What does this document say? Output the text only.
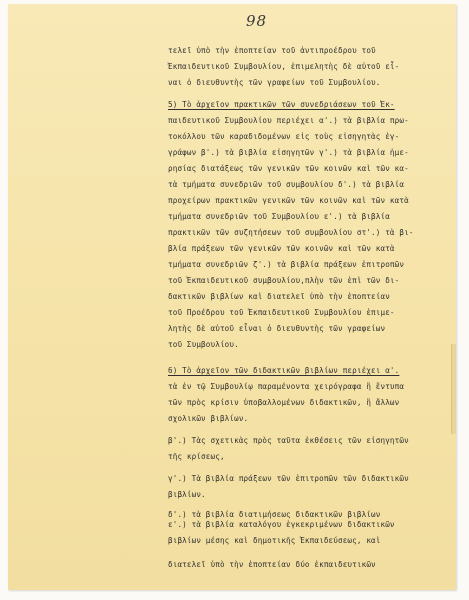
98
τελεῖ ὑπὸ τὴν ἐποπτείαν τοῦ ἀντιπροέδρου τοῦ
Ἐκπαιδευτικοῦ Συμβουλίου, ἐπιμελητὴς δὲ αὐτοῦ εἶ-
ναι ὁ διευθυντὴς τῶν γραφείων τοῦ Συμβουλίου.
5) Τὸ ἀρχεῖον πρακτικῶν τῶν συνεδριάσεων τοῦ Ἐκ-
παιδευτικοῦ Συμβουλίου περιέχει α'.) τὰ βιβλία πρω-
τοκόλλου τῶν καραδιδομένων εἰς τοὺς εἰσηγητὰς ἐγ-
γράφων β'.) τὰ βιβλία εἰσηγητῶν γ'.) τὰ βιβλία ἡμε-
ρησίας διατάξεως τῶν γενικῶν τῶν κοινῶν καὶ τῶν κα-
τὰ τμήματα συνεδριῶν τοῦ συμβουλίου δ'.) τὰ βιβλία
προχείρων πρακτικῶν γενικῶν τῶν κοινῶν καὶ τῶν κατὰ
τμήματα συνεδριῶν τοῦ Συμβουλίου ε'.) τὰ βιβλία
πρακτικῶν τῶν συζητήσεων τοῦ συμβουλίου στ'.) τὰ βι-
βλία πράξεων τῶν γενικῶν τῶν κοινῶν καὶ τῶν κατὰ
τμήματα συνεδριῶν ζ'.) τὰ βιβλία πράξεων ἐπιτροπῶν
τοῦ Ἐκπαιδευτικοῦ συμβουλίου,πλὴν τῶν ἐπὶ τῶν δι-
δακτικῶν βιβλίων καὶ διατελεῖ ὑπὸ τὴν ἐποπτείαν
τοῦ Προέδρου τοῦ Ἐκπαιδευτικοῦ Συμβουλίου ἐπιμε-
λητὴς δὲ αὐτοῦ εἶναι ὁ διευθυντὴς τῶν γραφείων
τοῦ Συμβουλίου.
6) Τὸ ἀρχεῖον τῶν διδακτικῶν βιβλίων περιέχει α'.
τὰ ἐν τῷ Συμβουλίῳ παραμένοντα χειρόγραφα ἢ ἔντυπα
τῶν πρὸς κρίσιν ὑποβαλλομένων διδακτικῶν, ἢ ἄλλων
σχολικῶν βιβλίων.
β'.) Τὰς σχετικὰς πρὸς ταῦτα ἐκθέσεις τῶν εἰσηγητῶν
τῆς κρίσεως,
γ'.) Τὰ βιβλία πράξεων τῶν ἐπιτροπῶν τῶν διδακτικῶν
βιβλίων.
δ'.) τὰ βιβλία διατιμήσεως διδακτικῶν βιβλίων
ε'.) τὰ βιβλία καταλόγου ἐγκεκριμένων διδακτικῶν
βιβλίων μέσης καὶ δημοτικῆς Ἐκπαιδεύσεως, καὶ
διατελεῖ ὑπὸ τὴν ἐποπτείαν δύο ἐκπαιδευτικῶν
